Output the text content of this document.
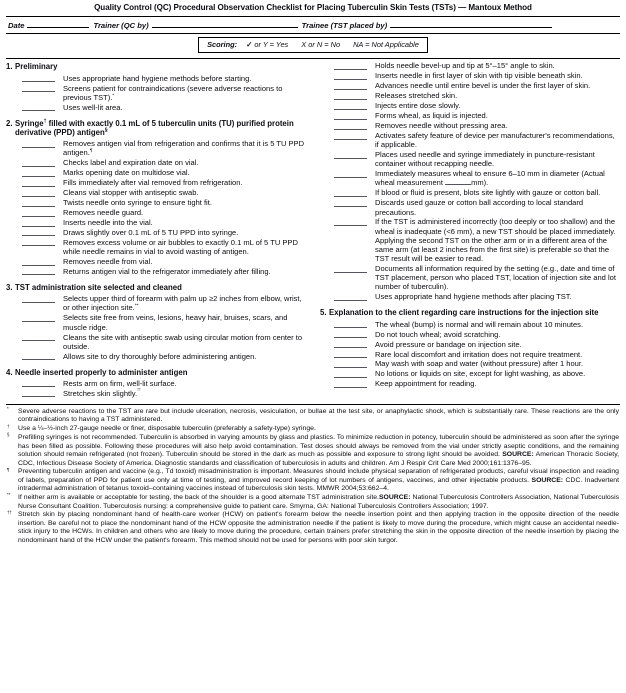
Quality Control (QC) Procedural Observation Checklist for Placing Tuberculin Skin Tests (TSTs) — Mantoux Method
Date	Trainer (QC by)	Trainee (TST placed by)
Scoring: ✓ or Y = Yes X or N = No NA = Not Applicable
1. Preliminary
Uses appropriate hand hygiene methods before starting.
Screens patient for contraindications (severe adverse reactions to previous TST).*
Uses well-lit area.
2. Syringe† filled with exactly 0.1 mL of 5 tuberculin units (TU) purified protein derivative (PPD) antigen§
Removes antigen vial from refrigeration and confirms that it is 5 TU PPD antigen.¶
Checks label and expiration date on vial.
Marks opening date on multidose vial.
Fills immediately after vial removed from refrigeration.
Cleans vial stopper with antiseptic swab.
Twists needle onto syringe to ensure tight fit.
Removes needle guard.
Inserts needle into the vial.
Draws slightly over 0.1 mL of 5 TU PPD into syringe.
Removes excess volume or air bubbles to exactly 0.1 mL of 5 TU PPD while needle remains in vial to avoid wasting of antigen.
Removes needle from vial.
Returns antigen vial to the refrigerator immediately after filling.
3. TST administration site selected and cleaned
Selects upper third of forearm with palm up ≥2 inches from elbow, wrist, or other injection site.**
Selects site free from veins, lesions, heavy hair, bruises, scars, and muscle ridge.
Cleans the site with antiseptic swab using circular motion from center to outside.
Allows site to dry thoroughly before administering antigen.
4. Needle inserted properly to administer antigen
Rests arm on firm, well-lit surface.
Stretches skin slightly.††
Holds needle bevel-up and tip at 5°–15° angle to skin.
Inserts needle in first layer of skin with tip visible beneath skin.
Advances needle until entire bevel is under the first layer of skin.
Releases stretched skin.
Injects entire dose slowly.
Forms wheal, as liquid is injected.
Removes needle without pressing area.
Activates safety feature of device per manufacturer's recommendations, if applicable.
Places used needle and syringe immediately in puncture-resistant container without recapping needle.
Immediately measures wheal to ensure 6–10 mm in diameter (Actual wheal measurement	mm).
If blood or fluid is present, blots site lightly with gauze or cotton ball.
Discards used gauze or cotton ball according to local standard precautions.
If the TST is administered incorrectly (too deeply or too shallow) and the wheal is inadequate (<6 mm), a new TST should be placed immediately. Applying the second TST on the other arm or in a different area of the same arm (at least 2 inches from the first site) is preferable so that the TST result will be easier to read.
Documents all information required by the setting (e.g., date and time of TST placement, person who placed TST, location of injection site and lot number of tuberculin).
Uses appropriate hand hygiene methods after placing TST.
5. Explanation to the client regarding care instructions for the injection site
The wheal (bump) is normal and will remain about 10 minutes.
Do not touch wheal; avoid scratching.
Avoid pressure or bandage on injection site.
Rare local discomfort and irritation does not require treatment.
May wash with soap and water (without pressure) after 1 hour.
No lotions or liquids on site, except for light washing, as above.
Keep appointment for reading.
*	Severe adverse reactions to the TST are rare but include ulceration, necrosis, vesiculation, or bullae at the test site, or anaphylactic shock, which is substantially rare. These reactions are the only contraindications to having a TST administered.
†	Use a ¼–½-inch 27-gauge needle or finer, disposable tuberculin (preferably a safety-type) syringe.
§	Prefilling syringes is not recommended. Tuberculin is absorbed in varying amounts by glass and plastics. To minimize reduction in potency, tuberculin should be administered as soon after the syringe has been filled as possible. Following these procedures will also help avoid contamination. Test doses should always be removed from the vial under strictly aseptic conditions, and the remaining solution should remain refrigerated (not frozen). Tuberculin should be stored in the dark as much as possible and exposure to strong light should be avoided. SOURCE: American Thoracic Society, CDC, Infectious Disease Society of America. Diagnostic standards and classification of tuberculosis in adults and children. Am J Respir Crit Care Med 2000;161:1376–95.
¶	Preventing tuberculin antigen and vaccine (e.g., Td toxoid) misadministration is important. Measures should include physical separation of refrigerated products, careful visual inspection and reading of labels, preparation of PPD for patient use only at time of testing, and improved record keeping of lot numbers of antigens, vaccines, and other injectable products. SOURCE: CDC. Inadvertent intradermal administration of tetanus toxoid–containing vaccines instead of tuberculosis skin tests. MMWR 2004;53:662–4.
**	If neither arm is available or acceptable for testing, the back of the shoulder is a good alternate TST administration site.SOURCE: National Tuberculosis Controllers Association, National Tuberculosis Nurse Consultant Coalition. Tuberculosis nursing: a comprehensive guide to patient care. Smyrna, GA: National Tuberculosis Controllers Association; 1997.
†† Stretch skin by placing nondominant hand of health-care worker (HCW) on patient's forearm below the needle insertion point and then applying traction in the opposite direction of the needle insertion. Be careful not to place the nondominant hand of the HCW opposite the administration needle if the patient is likely to move during the procedure, which might cause an accidental needle-stick injury to the HCWs. In children and others who are likely to move during the procedure, certain trainers prefer stretching the skin in the opposite direction of the needle insertion by placing the nondominant hand of the HCW under the patient's forearm. This method should not be used for persons with poor skin turgor.
